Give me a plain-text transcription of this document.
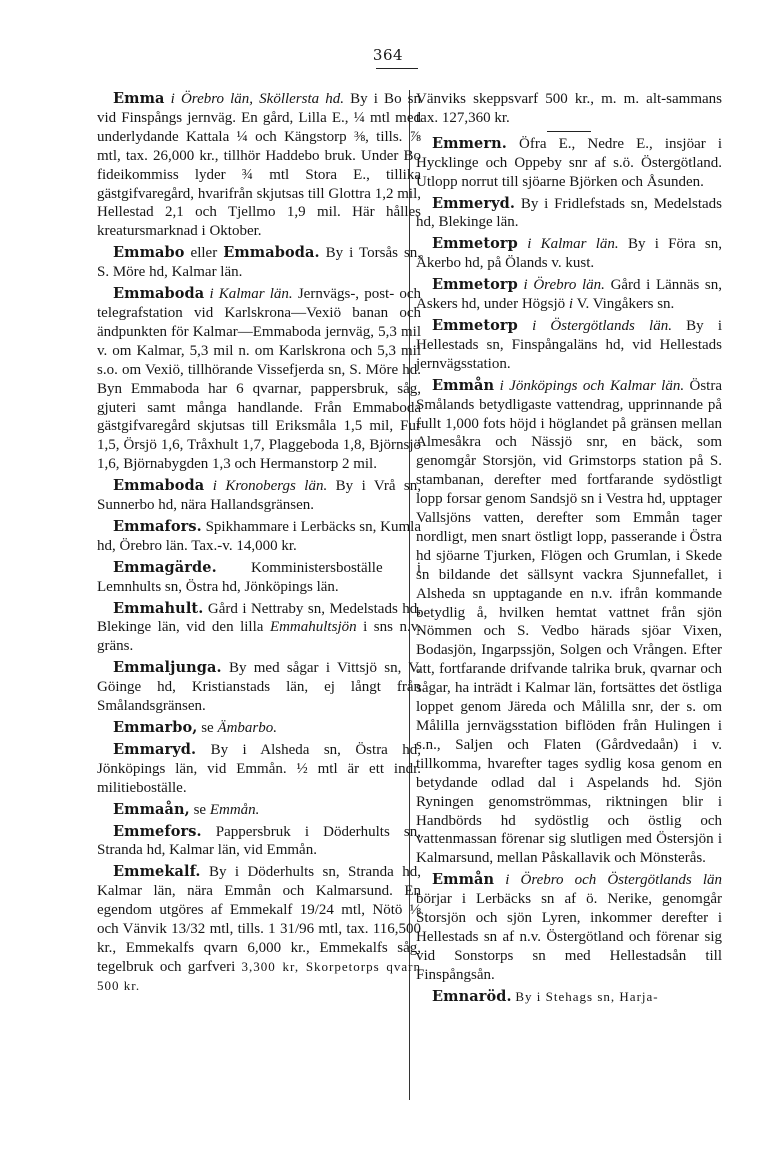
364

Emma i Örebro län, Sköllersta hd. By i Bo sn vid Finspångs jernväg. En gård, Lilla E., ¼ mtl med underlydande Kattala ¼ och Kängstorp ⅜, tills. ⅞ mtl, tax. 26,000 kr., tillhör Haddebo bruk. Under Bo fideikommiss lyder ¾ mtl Stora E., tillika gästgifvaregård, hvarifrån skjutsas till Glottra 1,2 mil, Hellestad 2,1 och Tjellmo 1,9 mil. Här hålles kreatursmarknad i Oktober.

Emmabo eller Emmaboda. By i Torsås sn, S. Möre hd, Kalmar län.

Emmaboda i Kalmar län. Jernvägs-, post- och telegrafstation vid Karlskrona—Vexiö banan och ändpunkten för Kalmar—Emmaboda jernväg, 5,3 mil v. om Kalmar, 5,3 mil n. om Karlskrona och 5,3 mil s.o. om Vexiö, tillhörande Vissefjerda sn, S. Möre hd. Byn Emmaboda har 6 qvarnar, pappersbruk, såg, gjuteri samt många handlande. Från Emmaboda gästgifvaregård skjutsas till Eriksmåla 1,5 mil, Fur 1,5, Örsjö 1,6, Tråxhult 1,7, Plaggeboda 1,8, Björnsjö 1,6, Björnabygden 1,3 och Hermanstorp 2 mil.

Emmaboda i Kronobergs län. By i Vrå sn, Sunnerbo hd, nära Hallandsgränsen.

Emmafors. Spikhammare i Lerbäcks sn, Kumla hd, Örebro län. Tax.-v. 14,000 kr.

Emmagärde. Komministersboställe i Lemnhults sn, Östra hd, Jönköpings län.

Emmahult. Gård i Nettraby sn, Medelstads hd, Blekinge län, vid den lilla Emmahultsjön i sns n.v. gräns.

Emmaljunga. By med sågar i Vittsjö sn, V. Göinge hd, Kristianstads län, ej långt från Smålandsgränsen.

Emmarbo, se Ämbarbo.

Emmaryd. By i Alsheda sn, Östra hd, Jönköpings län, vid Emmån. ½ mtl är ett indr. militieboställe.

Emmaån, se Emmån.

Emmefors. Pappersbruk i Döderhults sn, Stranda hd, Kalmar län, vid Emmån.

Emmekalf. By i Döderhults sn, Stranda hd, Kalmar län, nära Emmån och Kalmarsund. En egendom utgöres af Emmekalf 19/24 mtl, Nötö ⅛ och Vänvik 13/32 mtl, tills. 1 31/96 mtl, tax. 116,500 kr., Emmekalfs qvarn 6,000 kr., Emmekalfs såg, tegelbruk och garfveri 3,300 kr, Skorpetorps qvarn 500 kr.

Vänviks skeppsvarf 500 kr., m. m. alt-sammans tax. 127,360 kr.

Emmern. Öfra E., Nedre E., insjöar i Hycklinge och Oppeby snr af s.ö. Östergötland. Utlopp norrut till sjöarne Björken och Åsunden.

Emmeryd. By i Fridlefstads sn, Medelstads hd, Blekinge län.

Emmetorp i Kalmar län. By i Föra sn, Åkerbo hd, på Ölands v. kust.

Emmetorp i Örebro län. Gård i Lännäs sn, Askers hd, under Högsjö i V. Vingåkers sn.

Emmetorp i Östergötlands län. By i Hellestads sn, Finspångaläns hd, vid Hellestads jernvägsstation.

Emmån i Jönköpings och Kalmar län. Östra Smålands betydligaste vattendrag, upprinnande på fullt 1,000 fots höjd i höglandet på gränsen mellan Almesåkra och Nässjö snr, en bäck, som genomgår Storsjön, vid Grimstorps station på S. stambanan, derefter med fortfarande sydöstligt lopp forsar genom Sandsjö sn i Vestra hd, upptager Vallsjöns vatten, derefter som Emmån tager nordligt, men snart östligt lopp, passerande i Östra hd sjöarne Tjurken, Flögen och Grumlan, i Skede sn bildande det sällsynt vackra Sjunnefallet, i Alsheda sn upptagande en n.v. ifrån kommande betydlig å, hvilken hemtat vattnet från sjön Nömmen och S. Vedbo härads sjöar Vixen, Bodasjön, Ingarpssjön, Solgen och Vrången. Efter att, fortfarande drifvande talrika bruk, qvarnar och sågar, ha inträdt i Kalmar län, fortsättes det östliga loppet genom Järeda och Målilla snr, der s. om Målilla jernvägsstation biflöden från Hulingen i s.n., Saljen och Flaten (Gårdvedaån) i v. tillkomma, hvarefter tages sydlig kosa genom en betydande odlad dal i Aspelands hd. Sjön Ryningen genomströmmas, riktningen blir i Handbörds hd sydöstlig och östlig och vattenmassan förenar sig slutligen med Östersjön i Kalmarsund, mellan Påskallavik och Mönsterås.

Emmån i Örebro och Östergötlands län börjar i Lerbäcks sn af ö. Nerike, genomgår Storsjön och sjön Lyren, inkommer derefter i Hellestads sn af n.v. Östergötland och förenar sig vid Sonstorps sn med Hellestadsån till Finspångsån.

Emnaröd. By i Stehags sn, Harja-
